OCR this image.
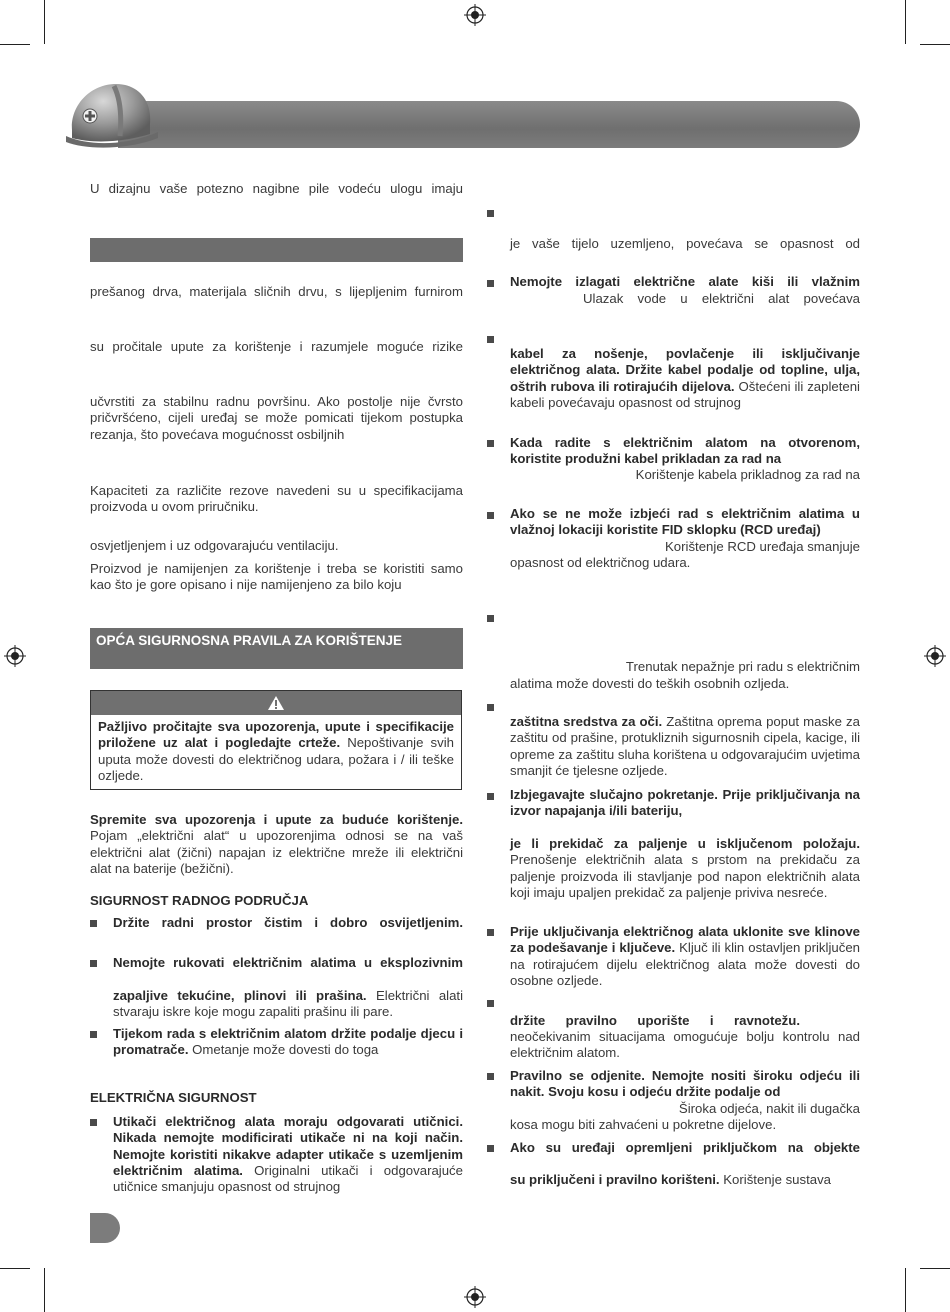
U dizajnu vaše potezno nagibne pile vodeću ulogu imaju
prešanog drva, materijala sličnih drvu, s lijepljenim furnirom
su pročitale upute za korištenje i razumjele moguće rizike
učvrstiti za stabilnu radnu površinu. Ako postolje nije čvrsto pričvršćeno, cijeli uređaj se može pomicati tijekom postupka rezanja, što povećava mogućnosst osbiljnih
Kapaciteti za različite rezove navedeni su u specifikacijama proizvoda u ovom priručniku.
osvjetljenjem i uz odgovarajuću ventilaciju.
Proizvod je namijenjen za korištenje i treba se koristiti samo kao što je gore opisano i nije namijenjeno za bilo koju
OPĆA SIGURNOSNA PRAVILA ZA KORIŠTENJE
Pažljivo pročitajte sva upozorenja, upute i specifikacije priložene uz alat i pogledajte crteže. Nepoštivanje svih uputa može dovesti do električnog udara, požara i / ili teške ozljede.
Spremite sva upozorenja i upute za buduće korištenje. Pojam „električni alat“ u upozorenjima odnosi se na vaš električni alat (žični) napajan iz električne mreže ili električni alat na baterije (bežični).
SIGURNOST RADNOG PODRUČJA
Držite radni prostor čistim i dobro osvijetljenim.
Nemojte rukovati električnim alatima u eksplozivnim
zapaljive tekućine, plinovi ili prašina. Električni alati stvaraju iskre koje mogu zapaliti prašinu ili pare.
Tijekom rada s električnim alatom držite podalje djecu i promatrače. Ometanje može dovesti do toga
ELEKTRIČNA SIGURNOST
Utikači električnog alata moraju odgovarati utičnici. Nikada nemojte modificirati utikače ni na koji način. Nemojte koristiti nikakve adapter utikače s uzemljenim električnim alatima. Originalni utikači i odgovarajuće utičnice smanjuju opasnost od strujnog
je vaše tijelo uzemljeno, povećava se opasnost od
Nemojte izlagati električne alate kiši ili vlažnim
Ulazak vode u električni alat povećava
kabel za nošenje, povlačenje ili isključivanje električnog alata. Držite kabel podalje od topline, ulja, oštrih rubova ili rotirajućih dijelova. Oštećeni ili zapleteni kabeli povećavaju opasnost od strujnog
Kada radite s električnim alatom na otvorenom, koristite produžni kabel prikladan za rad na
Korištenje kabela prikladnog za rad na
Ako se ne može izbjeći rad s električnim alatima u vlažnoj lokaciji koristite FID sklopku (RCD uređaj)
Korištenje RCD uređaja smanjuje
opasnost od električnog udara.
Trenutak nepažnje pri radu s električnim
alatima može dovesti do teških osobnih ozljeda.
zaštitna sredstva za oči. Zaštitna oprema poput maske za zaštitu od prašine, protukliznih sigurnosnih cipela, kacige, ili opreme za zaštitu sluha korištena u odgovarajućim uvjetima smanjit će tjelesne ozljede.
Izbjegavajte slučajno pokretanje. Prije priključivanja na izvor napajanja i/ili bateriju,
je li prekidač za paljenje u isključenom položaju. Prenošenje električnih alata s prstom na prekidaču za paljenje proizvoda ili stavljanje pod napon električnih alata koji imaju upaljen prekidač za paljenje priviva nesreće.
Prije uključivanja električnog alata uklonite sve klinove za podešavanje i ključeve. Ključ ili klin ostavljen priključen na rotirajućem dijelu električnog alata može dovesti do osobne ozljede.
držite pravilno uporište i ravnotežu.
neočekivanim situacijama omogućuje bolju kontrolu nad električnim alatom.
Pravilno se odjenite. Nemojte nositi široku odjeću ili nakit. Svoju kosu i odjeću držite podalje od
Široka odjeća, nakit ili dugačka
kosa mogu biti zahvaćeni u pokretne dijelove.
Ako su uređaji opremljeni priključkom na objekte
su priključeni i pravilno korišteni. Korištenje sustava
